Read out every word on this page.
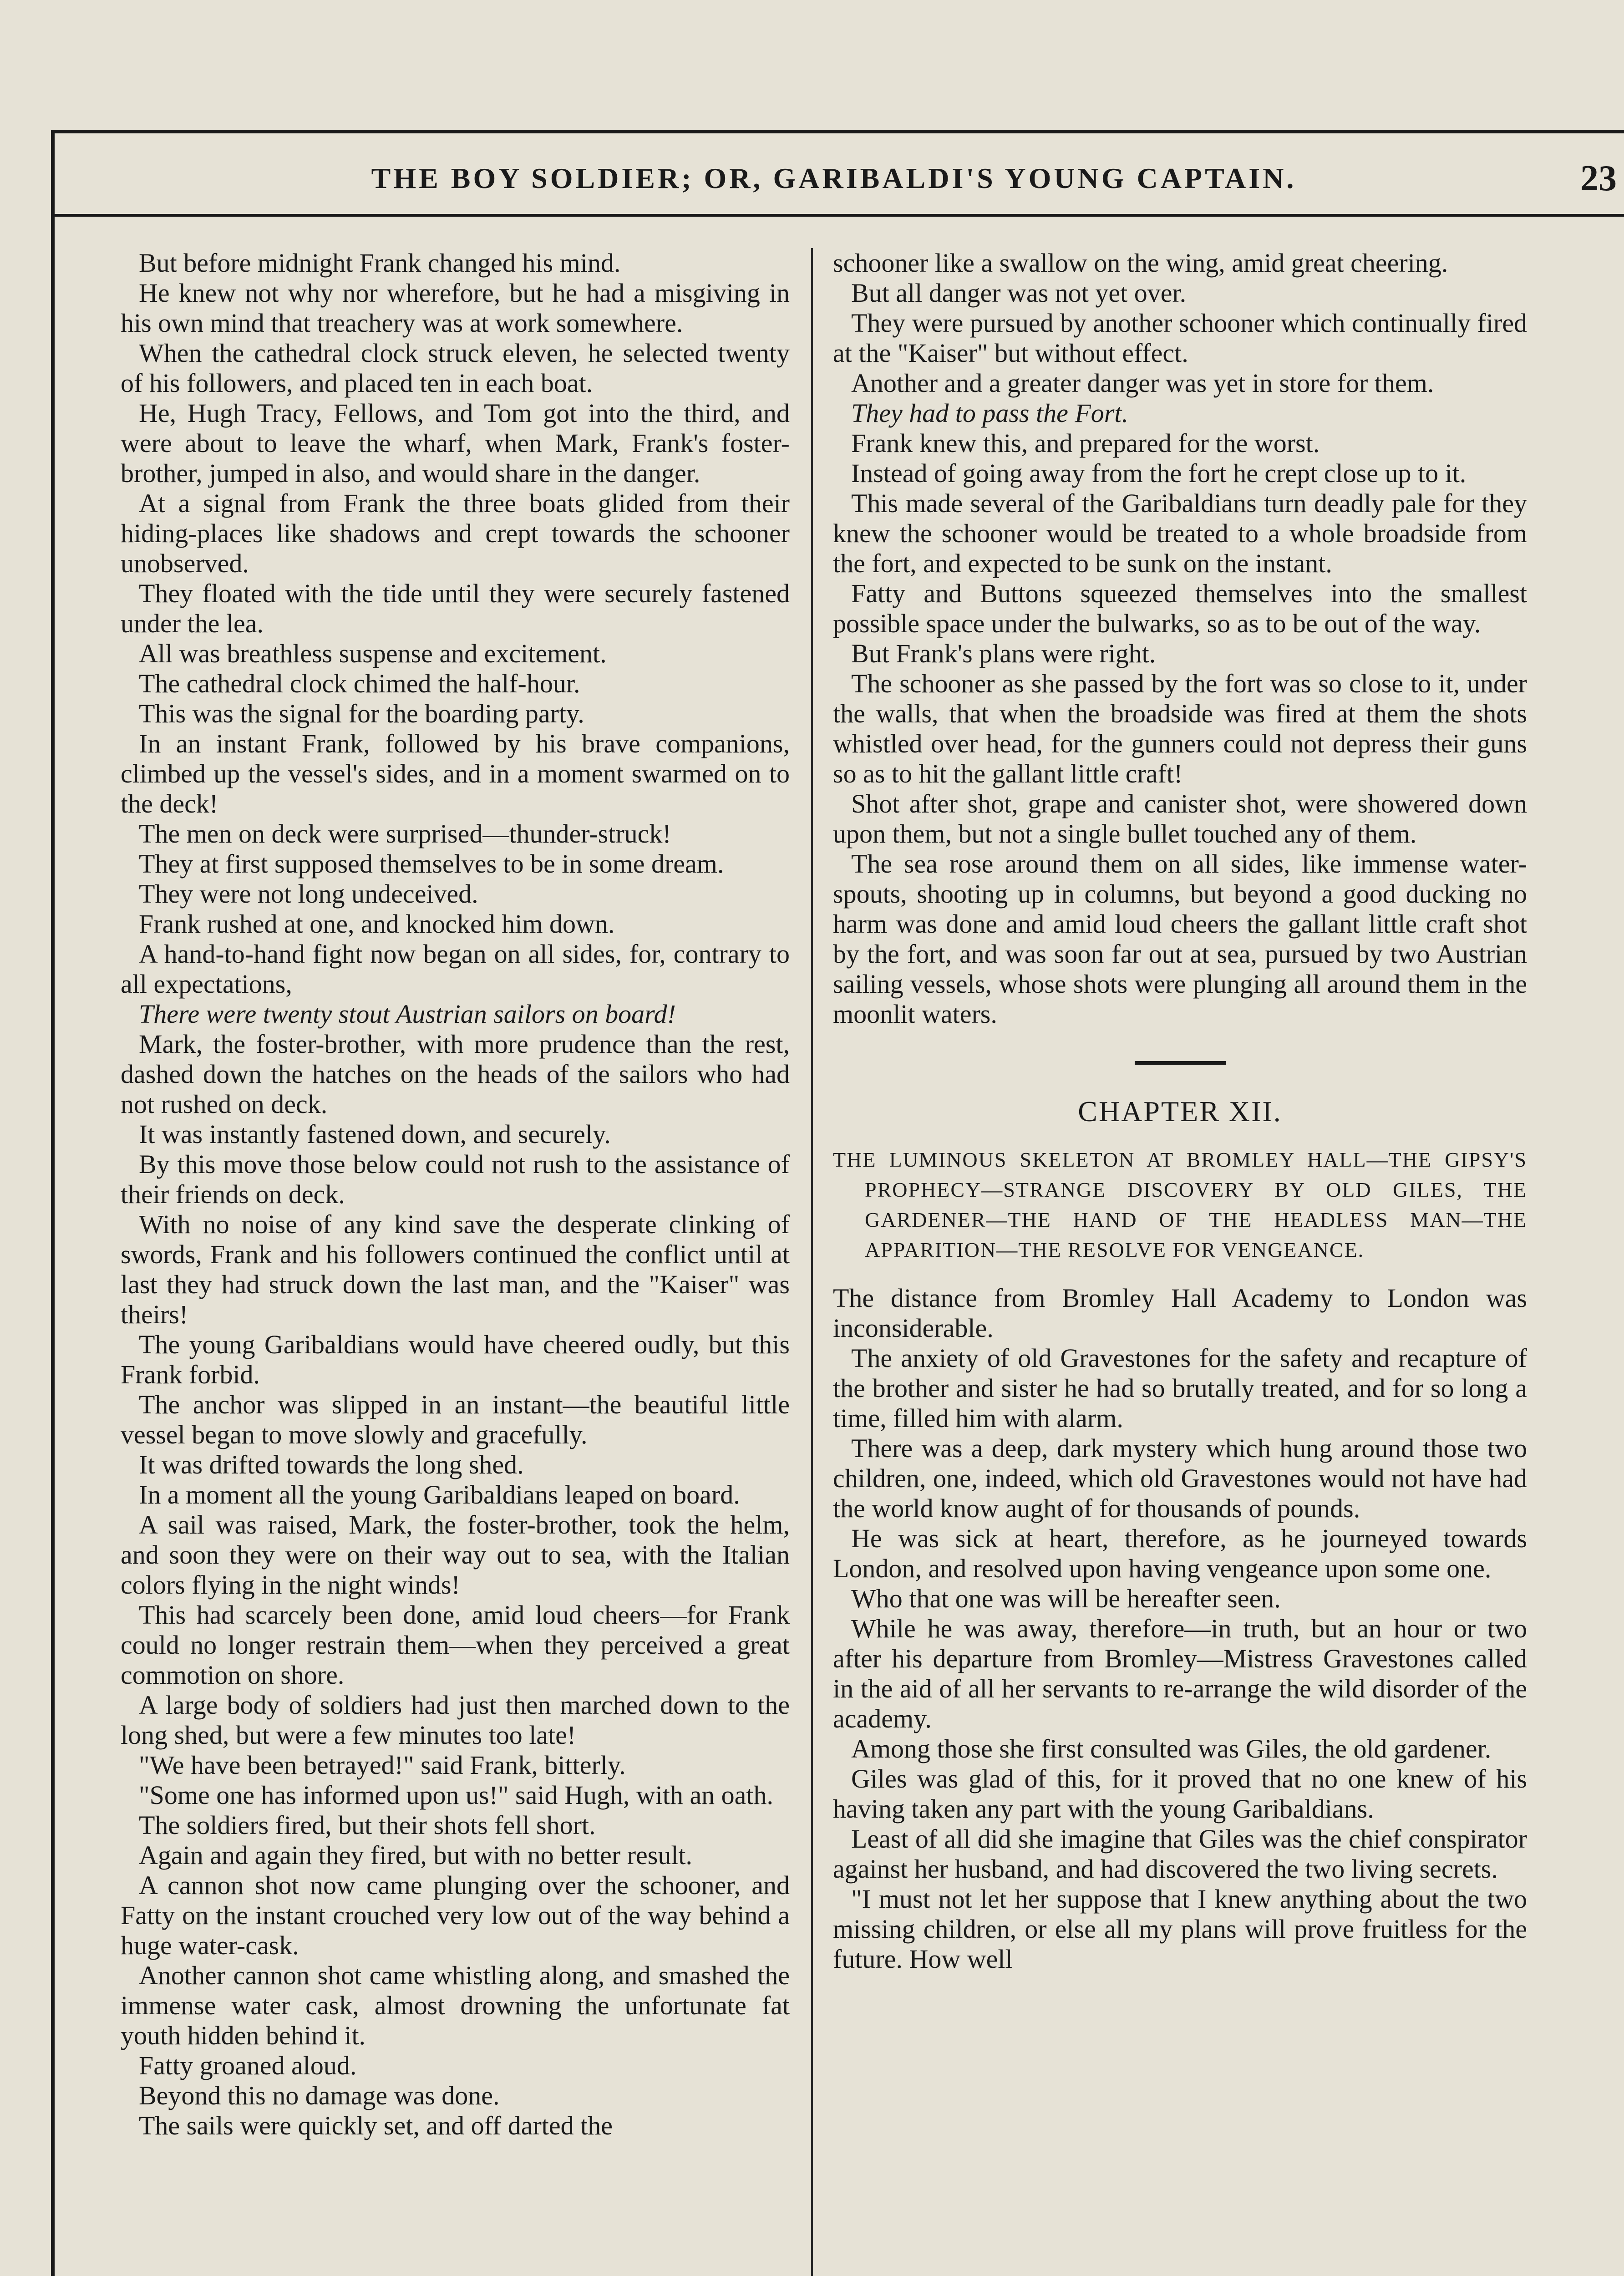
THE BOY SOLDIER; OR, GARIBALDI'S YOUNG CAPTAIN.	23

But before midnight Frank changed his mind.

He knew not why nor wherefore, but he had a misgiving in his own mind that treachery was at work somewhere.

When the cathedral clock struck eleven, he selected twenty of his followers, and placed ten in each boat.

He, Hugh Tracy, Fellows, and Tom got into the third, and were about to leave the wharf, when Mark, Frank's foster-brother, jumped in also, and would share in the danger.

At a signal from Frank the three boats glided from their hiding-places like shadows and crept towards the schooner unobserved.

They floated with the tide until they were securely fastened under the lea.

All was breathless suspense and excitement.

The cathedral clock chimed the half-hour.

This was the signal for the boarding party.

In an instant Frank, followed by his brave companions, climbed up the vessel's sides, and in a moment swarmed on to the deck!

The men on deck were surprised—thunder-struck!

They at first supposed themselves to be in some dream.

They were not long undeceived.

Frank rushed at one, and knocked him down.

A hand-to-hand fight now began on all sides, for, contrary to all expectations,

There were twenty stout Austrian sailors on board!

Mark, the foster-brother, with more prudence than the rest, dashed down the hatches on the heads of the sailors who had not rushed on deck.

It was instantly fastened down, and securely.

By this move those below could not rush to the assistance of their friends on deck.

With no noise of any kind save the desperate clinking of swords, Frank and his followers continued the conflict until at last they had struck down the last man, and the "Kaiser" was theirs!

The young Garibaldians would have cheered oudly, but this Frank forbid.

The anchor was slipped in an instant—the beautiful little vessel began to move slowly and gracefully.

It was drifted towards the long shed.

In a moment all the young Garibaldians leaped on board.

A sail was raised, Mark, the foster-brother, took the helm, and soon they were on their way out to sea, with the Italian colors flying in the night winds!

This had scarcely been done, amid loud cheers—for Frank could no longer restrain them—when they perceived a great commotion on shore.

A large body of soldiers had just then marched down to the long shed, but were a few minutes too late!

"We have been betrayed!" said Frank, bitterly.

"Some one has informed upon us!" said Hugh, with an oath.

The soldiers fired, but their shots fell short.

Again and again they fired, but with no better result.

A cannon shot now came plunging over the schooner, and Fatty on the instant crouched very low out of the way behind a huge water-cask.

Another cannon shot came whistling along, and smashed the immense water cask, almost drowning the unfortunate fat youth hidden behind it.

Fatty groaned aloud.

Beyond this no damage was done.

The sails were quickly set, and off darted the

schooner like a swallow on the wing, amid great cheering.

But all danger was not yet over.

They were pursued by another schooner which continually fired at the "Kaiser" but without effect.

Another and a greater danger was yet in store for them.

They had to pass the Fort.

Frank knew this, and prepared for the worst.

Instead of going away from the fort he crept close up to it.

This made several of the Garibaldians turn deadly pale for they knew the schooner would be treated to a whole broadside from the fort, and expected to be sunk on the instant.

Fatty and Buttons squeezed themselves into the smallest possible space under the bulwarks, so as to be out of the way.

But Frank's plans were right.

The schooner as she passed by the fort was so close to it, under the walls, that when the broadside was fired at them the shots whistled over head, for the gunners could not depress their guns so as to hit the gallant little craft!

Shot after shot, grape and canister shot, were showered down upon them, but not a single bullet touched any of them.

The sea rose around them on all sides, like immense water-spouts, shooting up in columns, but beyond a good ducking no harm was done and amid loud cheers the gallant little craft shot by the fort, and was soon far out at sea, pursued by two Austrian sailing vessels, whose shots were plunging all around them in the moonlit waters.

CHAPTER XII.
THE LUMINOUS SKELETON AT BROMLEY HALL—THE GIPSY'S PROPHECY—STRANGE DISCOVERY BY OLD GILES, THE GARDENER—THE HAND OF THE HEADLESS MAN—THE APPARITION—THE RESOLVE FOR VENGEANCE.

The distance from Bromley Hall Academy to London was inconsiderable.

The anxiety of old Gravestones for the safety and recapture of the brother and sister he had so brutally treated, and for so long a time, filled him with alarm.

There was a deep, dark mystery which hung around those two children, one, indeed, which old Gravestones would not have had the world know aught of for thousands of pounds.

He was sick at heart, therefore, as he journeyed towards London, and resolved upon having vengeance upon some one.

Who that one was will be hereafter seen.

While he was away, therefore—in truth, but an hour or two after his departure from Bromley—Mistress Gravestones called in the aid of all her servants to re-arrange the wild disorder of the academy.

Among those she first consulted was Giles, the old gardener.

Giles was glad of this, for it proved that no one knew of his having taken any part with the young Garibaldians.

Least of all did she imagine that Giles was the chief conspirator against her husband, and had discovered the two living secrets.

"I must not let her suppose that I knew anything about the two missing children, or else all my plans will prove fruitless for the future. How well
